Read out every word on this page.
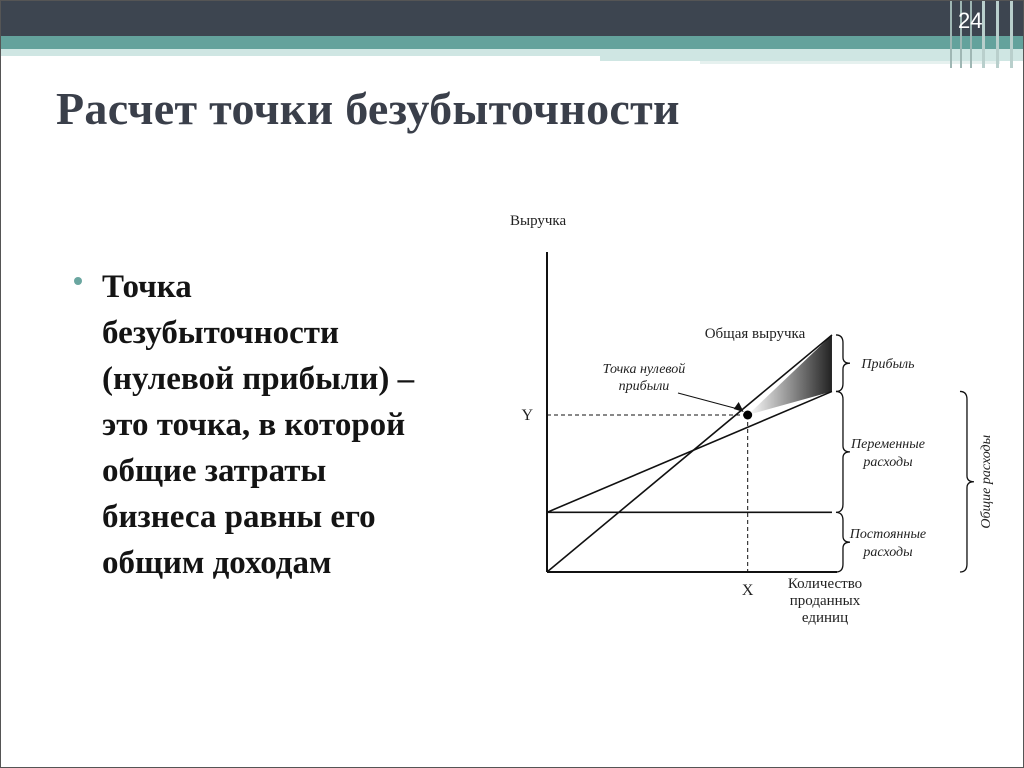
24
Расчет точки безубыточности
Точка
безубыточности
(нулевой прибыли) –
это точка, в которой
общие затраты
бизнеса равны его
общим доходам
Выручка
Количество проданных единиц
Y
X
Точка нулевой прибыли
Общая выручка
Прибыль
Переменные расходы
Постоянные расходы
Общие расходы
